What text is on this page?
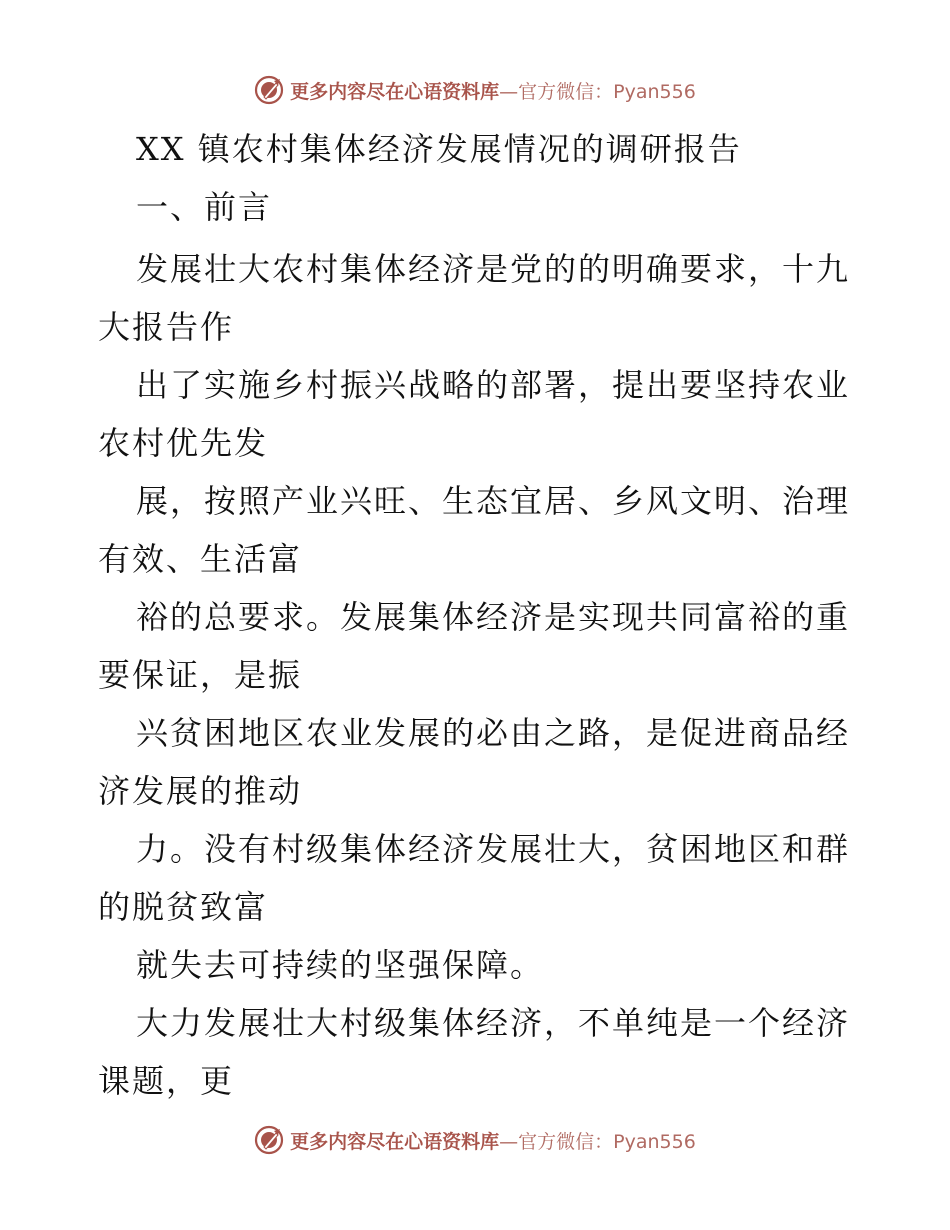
更多内容尽在心语资料库—官方微信：Pyan556
XX 镇农村集体经济发展情况的调研报告
一、前言
发展壮大农村集体经济是党的的明确要求，十九
大报告作
出了实施乡村振兴战略的部署，提出要坚持农业
农村优先发
展，按照产业兴旺、生态宜居、乡风文明、治理
有效、生活富
裕的总要求。发展集体经济是实现共同富裕的重
要保证，是振
兴贫困地区农业发展的必由之路，是促进商品经
济发展的推动
力。没有村级集体经济发展壮大，贫困地区和群
的脱贫致富
就失去可持续的坚强保障。
大力发展壮大村级集体经济，不单纯是一个经济
课题，更
更多内容尽在心语资料库—官方微信：Pyan556
